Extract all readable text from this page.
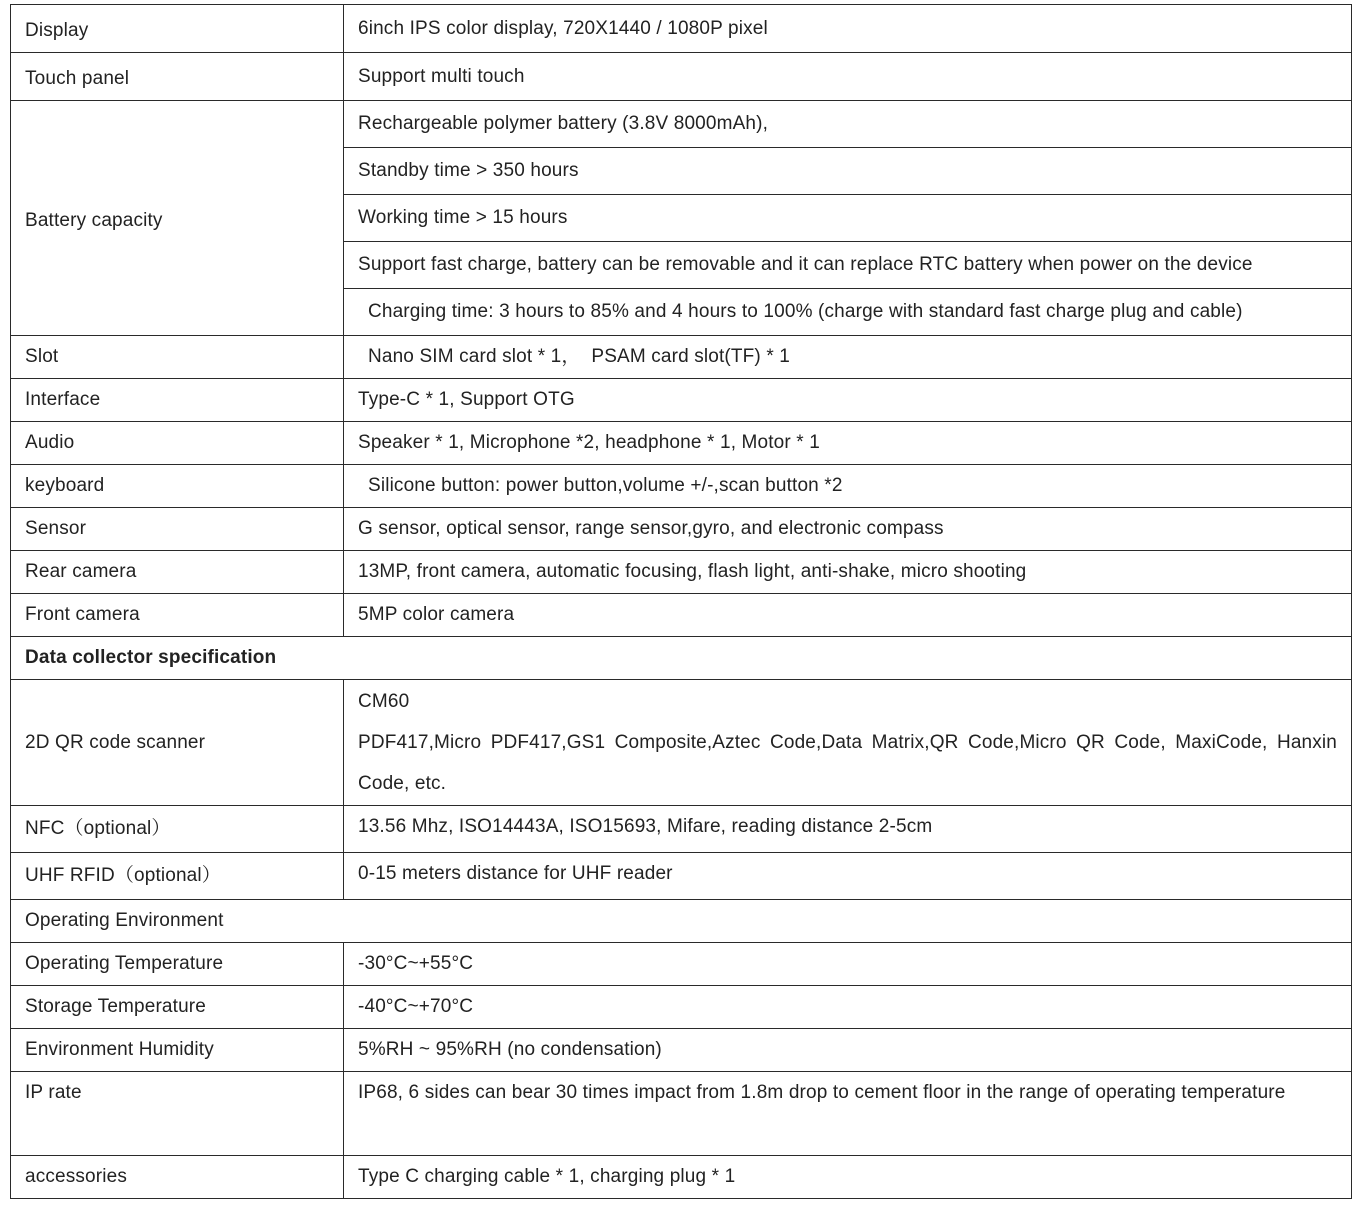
Display	6inch IPS color display, 720X1440 / 1080P pixel
Touch panel	Support multi touch
Battery capacity	Rechargeable polymer battery (3.8V 8000mAh),
	Standby time > 350 hours
	Working time > 15 hours
	Support fast charge, battery can be removable and it can replace RTC battery when power on the device
	Charging time: 3 hours to 85% and 4 hours to 100% (charge with standard fast charge plug and cable)
Slot	Nano SIM card slot * 1，  PSAM card slot(TF) * 1
Interface	Type-C * 1, Support OTG
Audio	Speaker * 1, Microphone *2, headphone * 1, Motor * 1
keyboard	Silicone button: power button,volume +/-,scan button *2
Sensor	G sensor, optical sensor, range sensor,gyro, and electronic compass
Rear camera	13MP, front camera, automatic focusing, flash light, anti-shake, micro shooting
Front camera	5MP color camera
Data collector specification	
2D QR code scanner	CM60
PDF417,Micro PDF417,GS1 Composite,Aztec Code,Data Matrix,QR Code,Micro QR Code, MaxiCode, Hanxin Code, etc.

NFC（optional）	13.56 Mhz, ISO14443A, ISO15693, Mifare, reading distance 2-5cm
UHF RFID（optional）	0-15 meters distance for UHF reader
Operating Environment	
Operating Temperature	-30°C~+55°C
Storage Temperature	-40°C~+70°C
Environment Humidity	5%RH ~ 95%RH (no condensation)
IP rate	IP68, 6 sides can bear 30 times impact from 1.8m drop to cement floor in the range of operating temperature
accessories	Type C charging cable * 1, charging plug * 1
